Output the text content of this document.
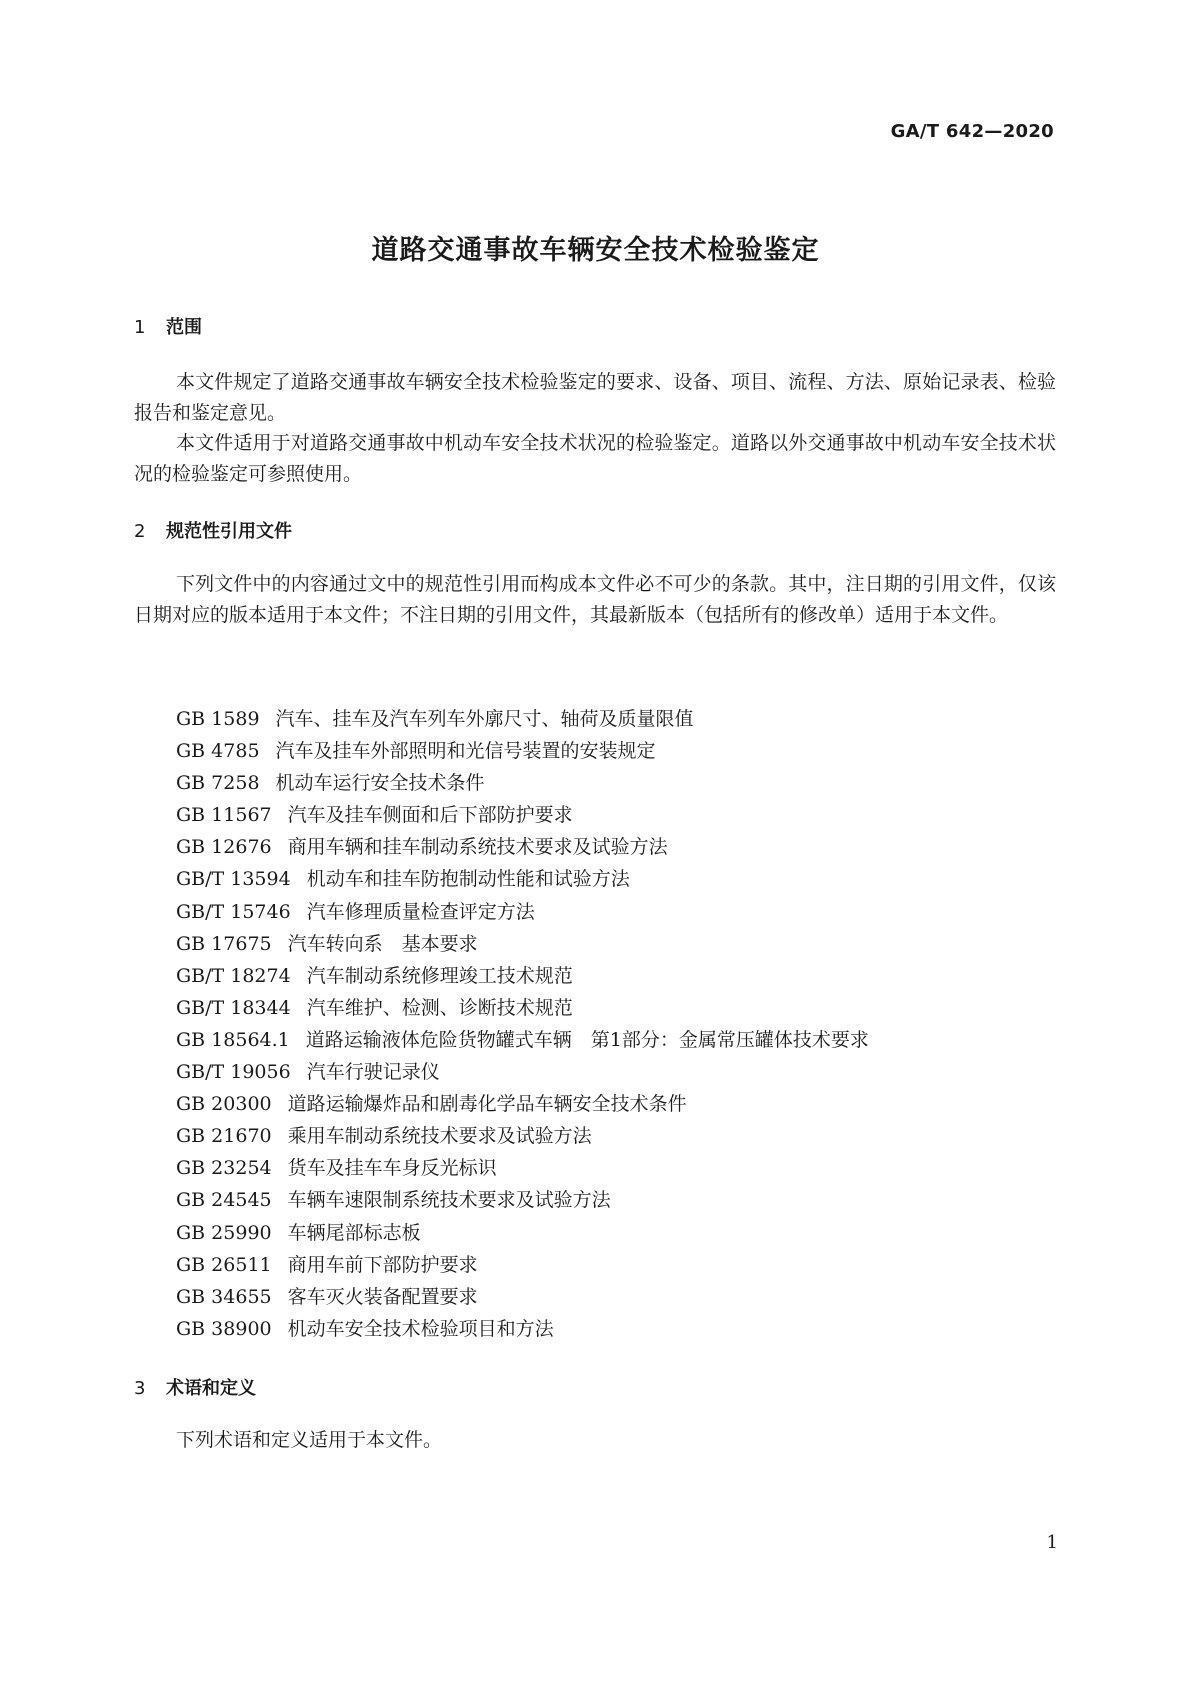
GA/T 642—2020
道路交通事故车辆安全技术检验鉴定
1 范围

本文件规定了道路交通事故车辆安全技术检验鉴定的要求、设备、项目、流程、方法、原始记录表、检验报告和鉴定意见。

本文件适用于对道路交通事故中机动车安全技术状况的检验鉴定。道路以外交通事故中机动车安全技术状况的检验鉴定可参照使用。

2 规范性引用文件

下列文件中的内容通过文中的规范性引用而构成本文件必不可少的条款。其中，注日期的引用文件，仅该日期对应的版本适用于本文件；不注日期的引用文件，其最新版本（包括所有的修改单）适用于本文件。

GB 1589 汽车、挂车及汽车列车外廓尺寸、轴荷及质量限值
GB 4785 汽车及挂车外部照明和光信号装置的安装规定
GB 7258 机动车运行安全技术条件
GB 11567 汽车及挂车侧面和后下部防护要求
GB 12676 商用车辆和挂车制动系统技术要求及试验方法
GB/T 13594 机动车和挂车防抱制动性能和试验方法
GB/T 15746 汽车修理质量检查评定方法
GB 17675 汽车转向系　基本要求
GB/T 18274 汽车制动系统修理竣工技术规范
GB/T 18344 汽车维护、检测、诊断技术规范
GB 18564.1 道路运输液体危险货物罐式车辆　第1部分：金属常压罐体技术要求
GB/T 19056 汽车行驶记录仪
GB 20300 道路运输爆炸品和剧毒化学品车辆安全技术条件
GB 21670 乘用车制动系统技术要求及试验方法
GB 23254 货车及挂车车身反光标识
GB 24545 车辆车速限制系统技术要求及试验方法
GB 25990 车辆尾部标志板
GB 26511 商用车前下部防护要求
GB 34655 客车灭火装备配置要求
GB 38900 机动车安全技术检验项目和方法
3 术语和定义

下列术语和定义适用于本文件。

1
